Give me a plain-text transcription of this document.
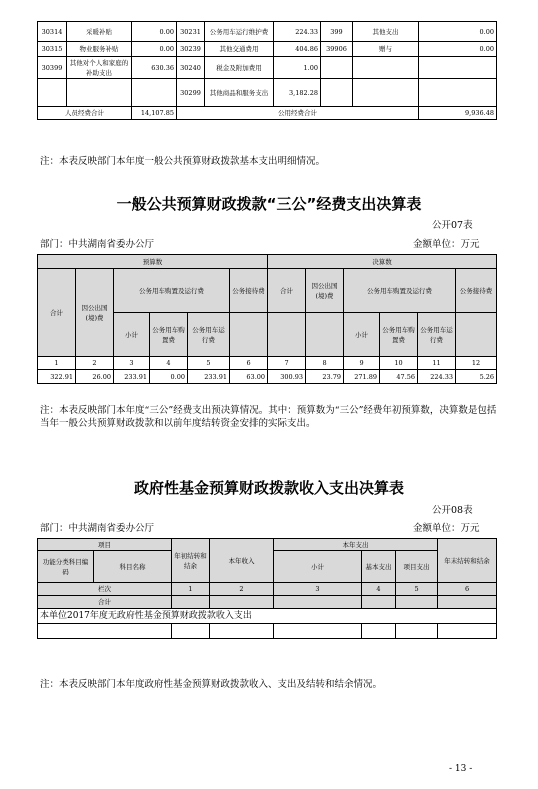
30314	采暖补贴	0.00	30231	公务用车运行维护费	224.33	399	其他支出	0.00
30315	物业服务补贴	0.00	30239	其他交通费用	404.86	39906	赠与	0.00
30399	其他对个人和家庭的补助支出	630.36	30240	税金及附加费用	1.00			
			30299	其他商品和服务支出	3,182.28			
人员经费合计		14,107.85	公用经费合计					9,936.48
注：本表反映部门本年度一般公共预算财政拨款基本支出明细情况。
一般公共预算财政拨款“三公”经费支出决算表
公开07表
部门：中共湖南省委办公厅	金额单位：万元
预算数						决算数					
合计	因公出国(境)费	公务用车购置及运行费			公务接待费	合计	因公出国(境)费	公务用车购置及运行费			公务接待费
		小计	公务用车购置费	公务用车运行费				小计	公务用车购置费	公务用车运行费	
1	2	3	4	5	6	7	8	9	10	11	12
322.91	26.00	233.91	0.00	233.91	63.00	300.93	23.79	271.89	47.56	224.33	5.26
注：本表反映部门本年度“三公”经费支出预决算情况。其中：预算数为“三公”经费年初预算数，决算数是包括当年一般公共预算财政拨款和以前年度结转资金安排的实际支出。
政府性基金预算财政拨款收入支出决算表
公开08表
部门：中共湖南省委办公厅	金额单位：万元
项目		年初结转和结余	本年收入	本年支出			年末结转和结余
功能分类科目编码	科目名称			小计	基本支出	项目支出	
栏次		1	2	3	4	5	6
合计							
本单位2017年度无政府性基金预算财政拨款收入支出							

注：本表反映部门本年度政府性基金预算财政拨款收入、支出及结转和结余情况。
- 13 -
